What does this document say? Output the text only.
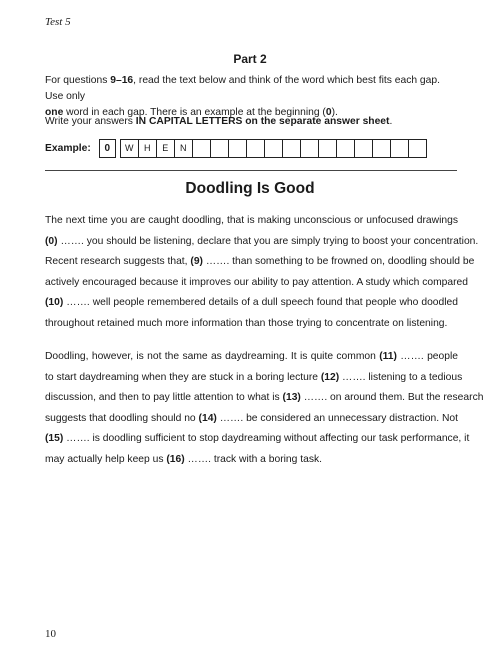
Test 5
Part 2
For questions 9–16, read the text below and think of the word which best fits each gap. Use only
one word in each gap. There is an example at the beginning (0).
Write your answers IN CAPITAL LETTERS on the separate answer sheet.
Example:	0	W	H	E	N
Doodling Is Good
The next time you are caught doodling, that is making unconscious or unfocused drawings
(0) ……. you should be listening, declare that you are simply trying to boost your concentration.
Recent research suggests that, (9) ……. than something to be frowned on, doodling should be
actively encouraged because it improves our ability to pay attention. A study which compared
(10) ……. well people remembered details of a dull speech found that people who doodled
throughout retained much more information than those trying to concentrate on listening.
Doodling, however, is not the same as daydreaming. It is quite common (11) ……. people
to start daydreaming when they are stuck in a boring lecture (12) ……. listening to a tedious
discussion, and then to pay little attention to what is (13) ……. on around them. But the research
suggests that doodling should no (14) ……. be considered an unnecessary distraction. Not
(15) ……. is doodling sufficient to stop daydreaming without affecting our task performance, it
may actually help keep us (16) ……. track with a boring task.
10
